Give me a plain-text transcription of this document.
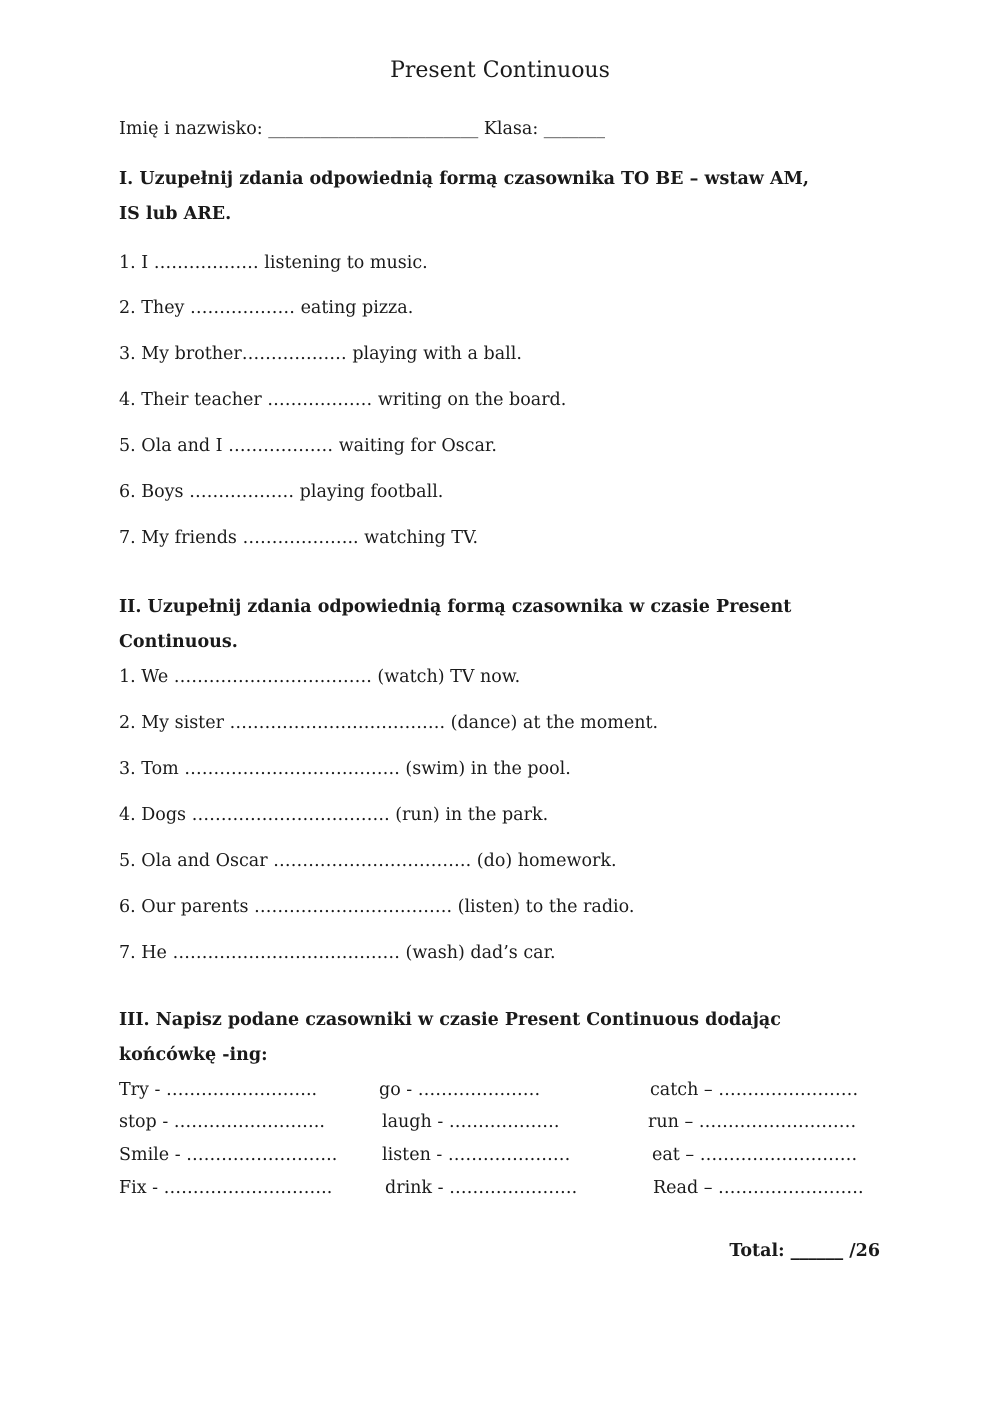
Present Continuous
Imię i nazwisko: ________________________ Klasa: _______
I. Uzupełnij zdania odpowiednią formą czasownika TO BE – wstaw AM,
IS lub ARE.
1. I ……………… listening to music.
2. They ……………… eating pizza.
3. My brother……………… playing with a ball.
4. Their teacher ……………… writing on the board.
5. Ola and I ……………… waiting for Oscar.
6. Boys ……………… playing football.
7. My friends ……………….. watching TV.
II. Uzupełnij zdania odpowiednią formą czasownika w czasie Present
Continuous.
1. We ……………………………. (watch) TV now.
2. My sister ………………………………. (dance) at the moment.
3. Tom ………………………………. (swim) in the pool.
4. Dogs ……………………………. (run) in the park.
5. Ola and Oscar ……………………………. (do) homework.
6. Our parents ……………………………. (listen) to the radio.
7. He ………………………………… (wash) dad’s car.
III. Napisz podane czasowniki w czasie Present Continuous dodając
końcówkę -ing:
Try - ……………………..	go - …………………	catch – ……………………
stop - ……………………..	laugh - ……………….	run – ………………………
Smile - ……………………..	listen - …………………	eat – ………………………
Fix - ………………………..	drink - ………………….	Read – …………………….
Total: ______ /26
